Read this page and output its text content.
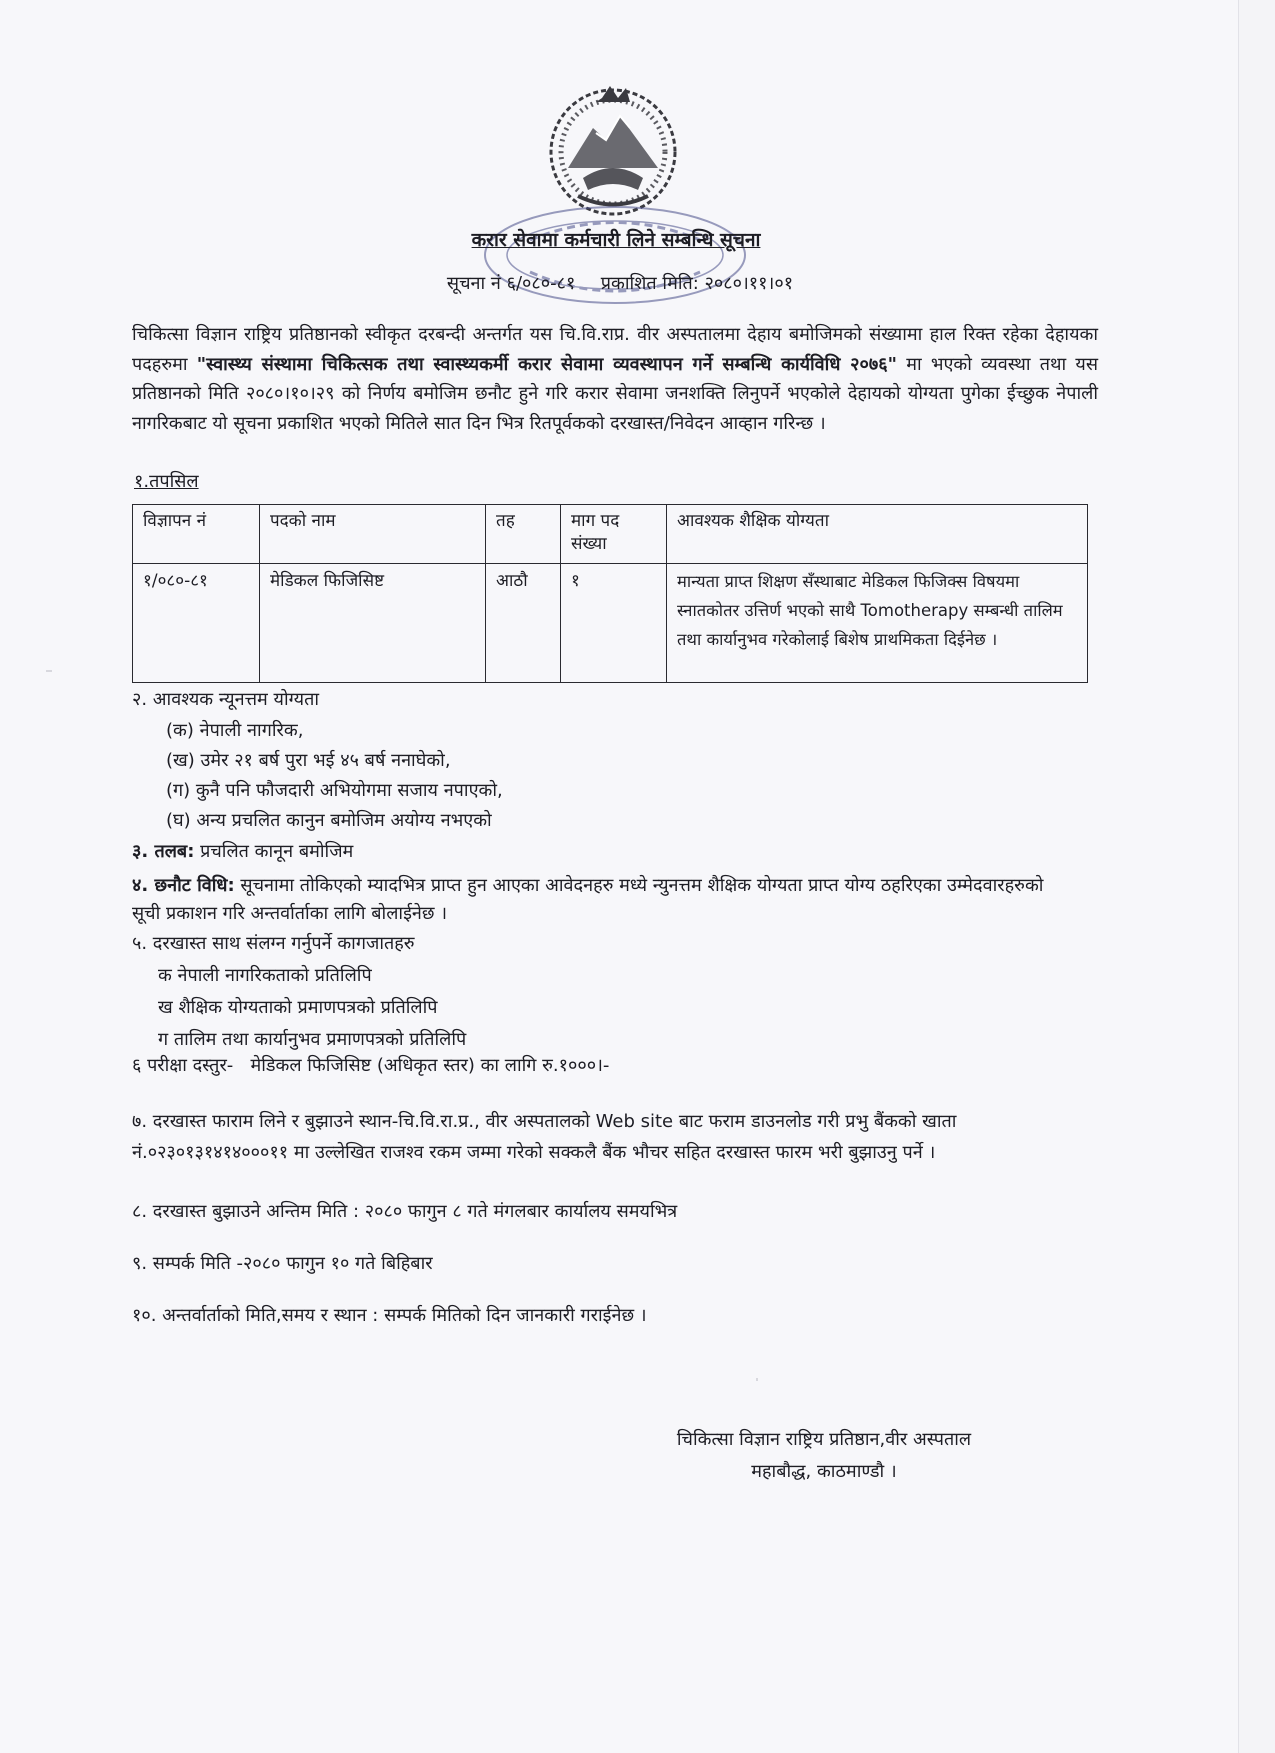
करार सेवामा कर्मचारी लिने सम्बन्धि सूचना
सूचना नं ६/०८०-८१ प्रकाशित मिति: २०८०।११।०१
चिकित्सा विज्ञान राष्ट्रिय प्रतिष्ठानको स्वीकृत दरबन्दी अन्तर्गत यस चि.वि.राप्र. वीर अस्पतालमा देहाय बमोजिमको संख्यामा हाल रिक्त रहेका देहायका पदहरुमा "स्वास्थ्य संस्थामा चिकित्सक तथा स्वास्थ्यकर्मी करार सेवामा व्यवस्थापन गर्ने सम्बन्धि कार्यविधि २०७६" मा भएको व्यवस्था तथा यस प्रतिष्ठानको मिति २०८०।१०।२९ को निर्णय बमोजिम छनौट हुने गरि करार सेवामा जनशक्ति लिनुपर्ने भएकोले देहायको योग्यता पुगेका ईच्छुक नेपाली नागरिकबाट यो सूचना प्रकाशित भएको मितिले सात दिन भित्र रितपूर्वकको दरखास्त/निवेदन आव्हान गरिन्छ ।
१.तपसिल
विज्ञापन नं	पदको नाम	तह	माग पद संख्या	आवश्यक शैक्षिक योग्यता
१/०८०-८१	मेडिकल फिजिसिष्ट	आठौ	१	मान्यता प्राप्त शिक्षण सँस्थाबाट मेडिकल फिजिक्स विषयमा स्नातकोतर उत्तिर्ण भएको साथै Tomotherapy सम्बन्धी तालिम तथा कार्यानुभव गरेकोलाई बिशेष प्राथमिकता दिईनेछ ।
२. आवश्यक न्यूनत्तम योग्यता
(क) नेपाली नागरिक,
(ख) उमेर २१ बर्ष पुरा भई ४५ बर्ष ननाघेको,
(ग) कुनै पनि फौजदारी अभियोगमा सजाय नपाएको,
(घ) अन्य प्रचलित कानुन बमोजिम अयोग्य नभएको
३. तलब: प्रचलित कानून बमोजिम
४. छनौट विधि: सूचनामा तोकिएको म्यादभित्र प्राप्त हुन आएका आवेदनहरु मध्ये न्युनत्तम शैक्षिक योग्यता प्राप्त योग्य ठहरिएका उम्मेदवारहरुको सूची प्रकाशन गरि अन्तर्वार्ताका लागि बोलाईनेछ ।
५. दरखास्त साथ संलग्न गर्नुपर्ने कागजातहरु
क नेपाली नागरिकताको प्रतिलिपि
ख शैक्षिक योग्यताको प्रमाणपत्रको प्रतिलिपि
ग तालिम तथा कार्यानुभव प्रमाणपत्रको प्रतिलिपि
६ परीक्षा दस्तुर-   मेडिकल फिजिसिष्ट (अधिकृत स्तर) का लागि रु.१०००।-
७. दरखास्त फाराम लिने र बुझाउने स्थान-चि.वि.रा.प्र., वीर अस्पतालको Web site बाट फराम डाउनलोड गरी प्रभु बैंकको खाता नं.०२३०१३१४१४०००११ मा उल्लेखित राजश्व रकम जम्मा गरेको सक्कलै बैंक भौचर सहित दरखास्त फारम भरी बुझाउनु पर्ने ।
८. दरखास्त बुझाउने अन्तिम मिति : २०८० फागुन ८ गते मंगलबार कार्यालय समयभित्र
९. सम्पर्क मिति -२०८० फागुन १० गते बिहिबार
१०. अन्तर्वार्ताको मिति,समय र स्थान : सम्पर्क मितिको दिन जानकारी गराईनेछ ।
चिकित्सा विज्ञान राष्ट्रिय प्रतिष्ठान,वीर अस्पताल
महाबौद्ध, काठमाण्डौ ।
